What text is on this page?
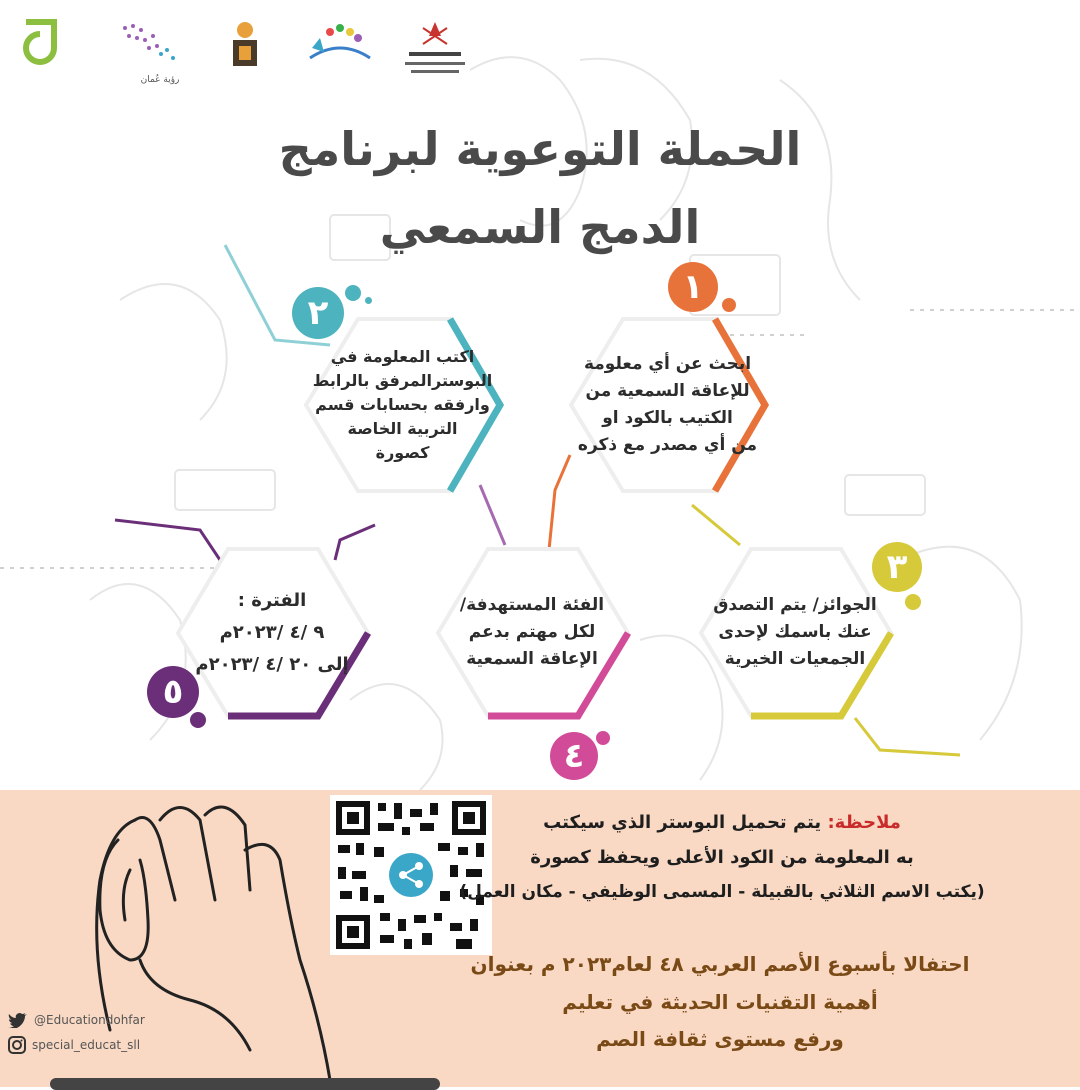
رؤية عُمان
الحملة التوعوية لبرنامج
الدمج السمعي
ابحث عن أي معلومة
للإعاقة السمعية من
الكتيب بالكود او
من أي مصدر مع ذكره
١
اكتب المعلومة في
البوسترالمرفق بالرابط
وارفقه بحسابات قسم
التربية الخاصة
كصورة
٢
الجوائز/ يتم التصدق
عنك باسمك لإحدى
الجمعيات الخيرية
٣
الفئة المستهدفة/
لكل مهتم بدعم
الإعاقة السمعية
٤
الفترة :
٩ /٤ /٢٠٢٣م
إلى ٢٠ /٤ /٢٠٢٣م
٥
ملاحظة: يتم تحميل البوستر الذي سيكتب
به المعلومة من الكود الأعلى ويحفظ كصورة
(يكتب الاسم الثلاثي بالقبيلة - المسمى الوظيفي - مكان العمل)
احتفالا بأسبوع الأصم العربي ٤٨ لعام٢٠٢٣ م بعنوان
أهمية التقنيات الحديثة في تعليم
ورفع مستوى ثقافة الصم
@Educationdohfar
special_educat_sll
